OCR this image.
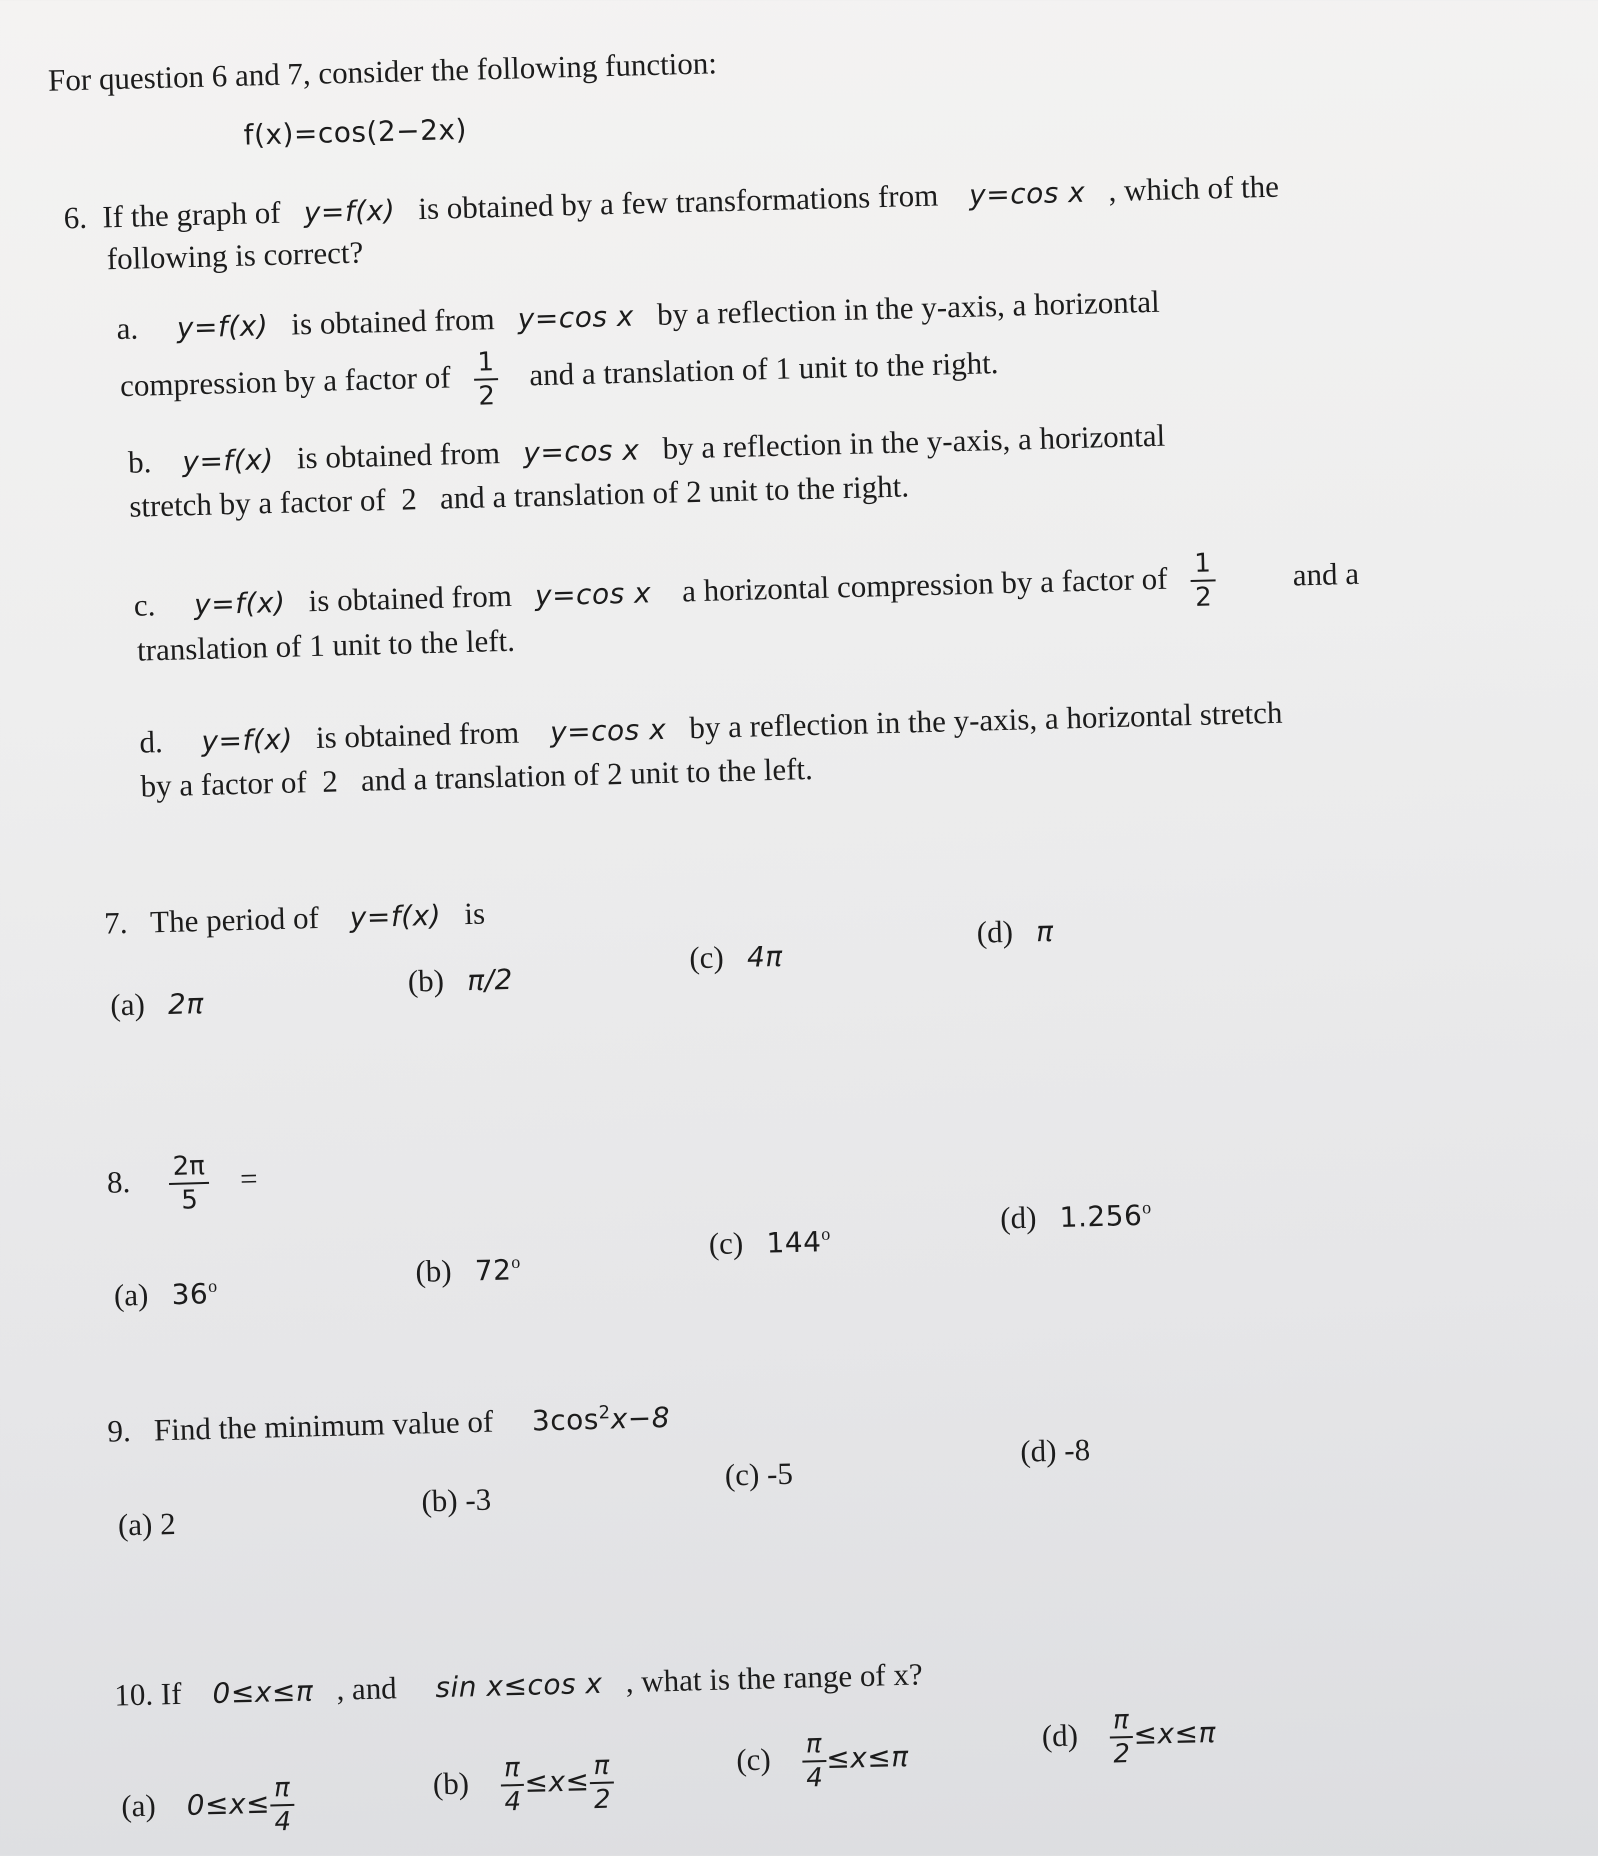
For question 6 and 7, consider the following function:
f(x)=cos(2−2x)
6. If the graph of y=f(x) is obtained by a few transformations from y=cos x , which of the
following is correct?
a. y=f(x) is obtained from y=cos x by a reflection in the y-axis, a horizontal
compression by a factor of $\frac{1}{2}$ and a translation of 1 unit to the right.
b. y=f(x) is obtained from y=cos x by a reflection in the y-axis, a horizontal
stretch by a factor of 2 and a translation of 2 unit to the right.
c. y=f(x) is obtained from y=cos x a horizontal compression by a factor of $\frac{1}{2}$ and a
translation of 1 unit to the left.
d. y=f(x) is obtained from y=cos x by a reflection in the y-axis, a horizontal stretch
by a factor of 2 and a translation of 2 unit to the left.
7. The period of y=f(x) is
(a) 2π
(b) π/2
(c) 4π
(d) π
8. $\frac{2\pi}{5}$ =
(a) 36$^o$	(b) 72$^o$
(c) 144$^o$	(d) 1.256$^o$
9. Find the minimum value of $3\cos^2x-8$
(a) 2
(b) -3
(c) -5
(d) -8
10. If 0≤x≤π , and sin x≤cos x , what is the range of x?
(a) 0≤x≤
$\frac{\pi}{4}$	$(b) \frac{\pi}{4}$
≤x≤
$\frac{\pi}{2}$	$(c) \frac{\pi}{4}$
≤x≤π
$(d) \frac{\pi}{2}$
≤x≤π
